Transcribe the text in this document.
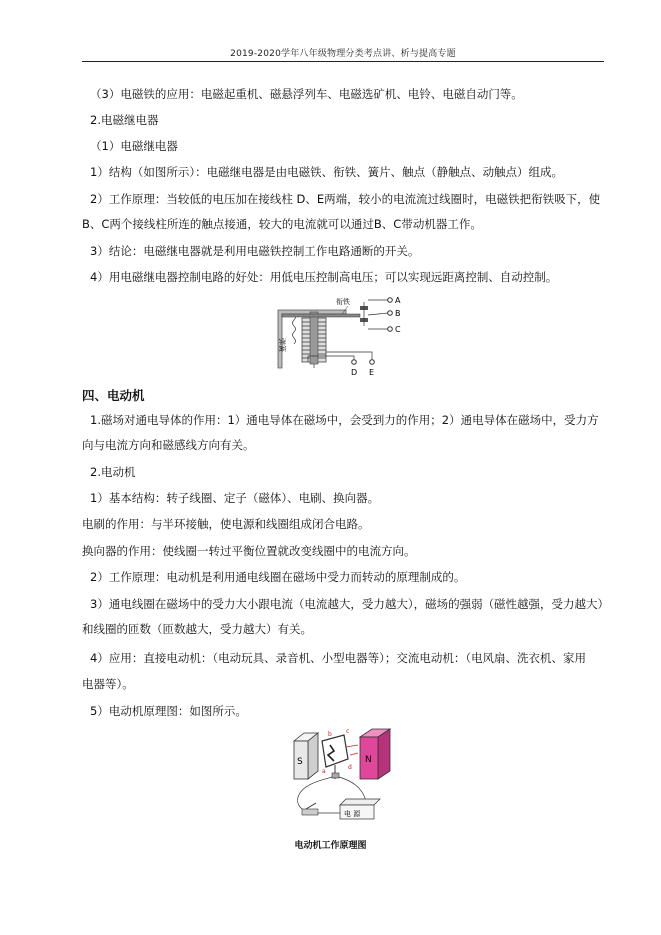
2019-2020学年八年级物理分类考点讲、析与提高专题
（3）电磁铁的应用：电磁起重机、磁悬浮列车、电磁选矿机、电铃、电磁自动门等。
2.电磁继电器
（1）电磁继电器
1）结构（如图所示）：电磁继电器是由电磁铁、衔铁、簧片、触点（静触点、动触点）组成。
2）工作原理：当较低的电压加在接线柱 D、E两端，较小的电流流过线圈时，电磁铁把衔铁吸下，使
B、C两个接线柱所连的触点接通，较大的电流就可以通过B、C带动机器工作。
3）结论：电磁继电器就是利用电磁铁控制工作电路通断的开关。
4）用电磁继电器控制电路的好处：用低电压控制高电压；可以实现远距离控制、自动控制。
弹簧
衔铁	A
B
C
D E
四、电动机
1.磁场对通电导体的作用：1）通电导体在磁场中，会受到力的作用；2）通电导体在磁场中，受力方
向与电流方向和磁感线方向有关。
2.电动机
1）基本结构：转子线圈、定子（磁体）、电刷、换向器。
电刷的作用：与半环接触，使电源和线圈组成闭合电路。
换向器的作用：使线圈一转过平衡位置就改变线圈中的电流方向。
2）工作原理：电动机是利用通电线圈在磁场中受力而转动的原理制成的。
3）通电线圈在磁场中的受力大小跟电流（电流越大，受力越大），磁场的强弱（磁性越强，受力越大）
和线圈的匝数（匝数越大，受力越大）有关。
4）应用：直接电动机：（电动玩具、录音机、小型电器等）；交流电动机：（电风扇、洗衣机、家用
电器等）。
5）电动机原理图：如图所示。
S	N
b c
a
d
电 源
电动机工作原理图
